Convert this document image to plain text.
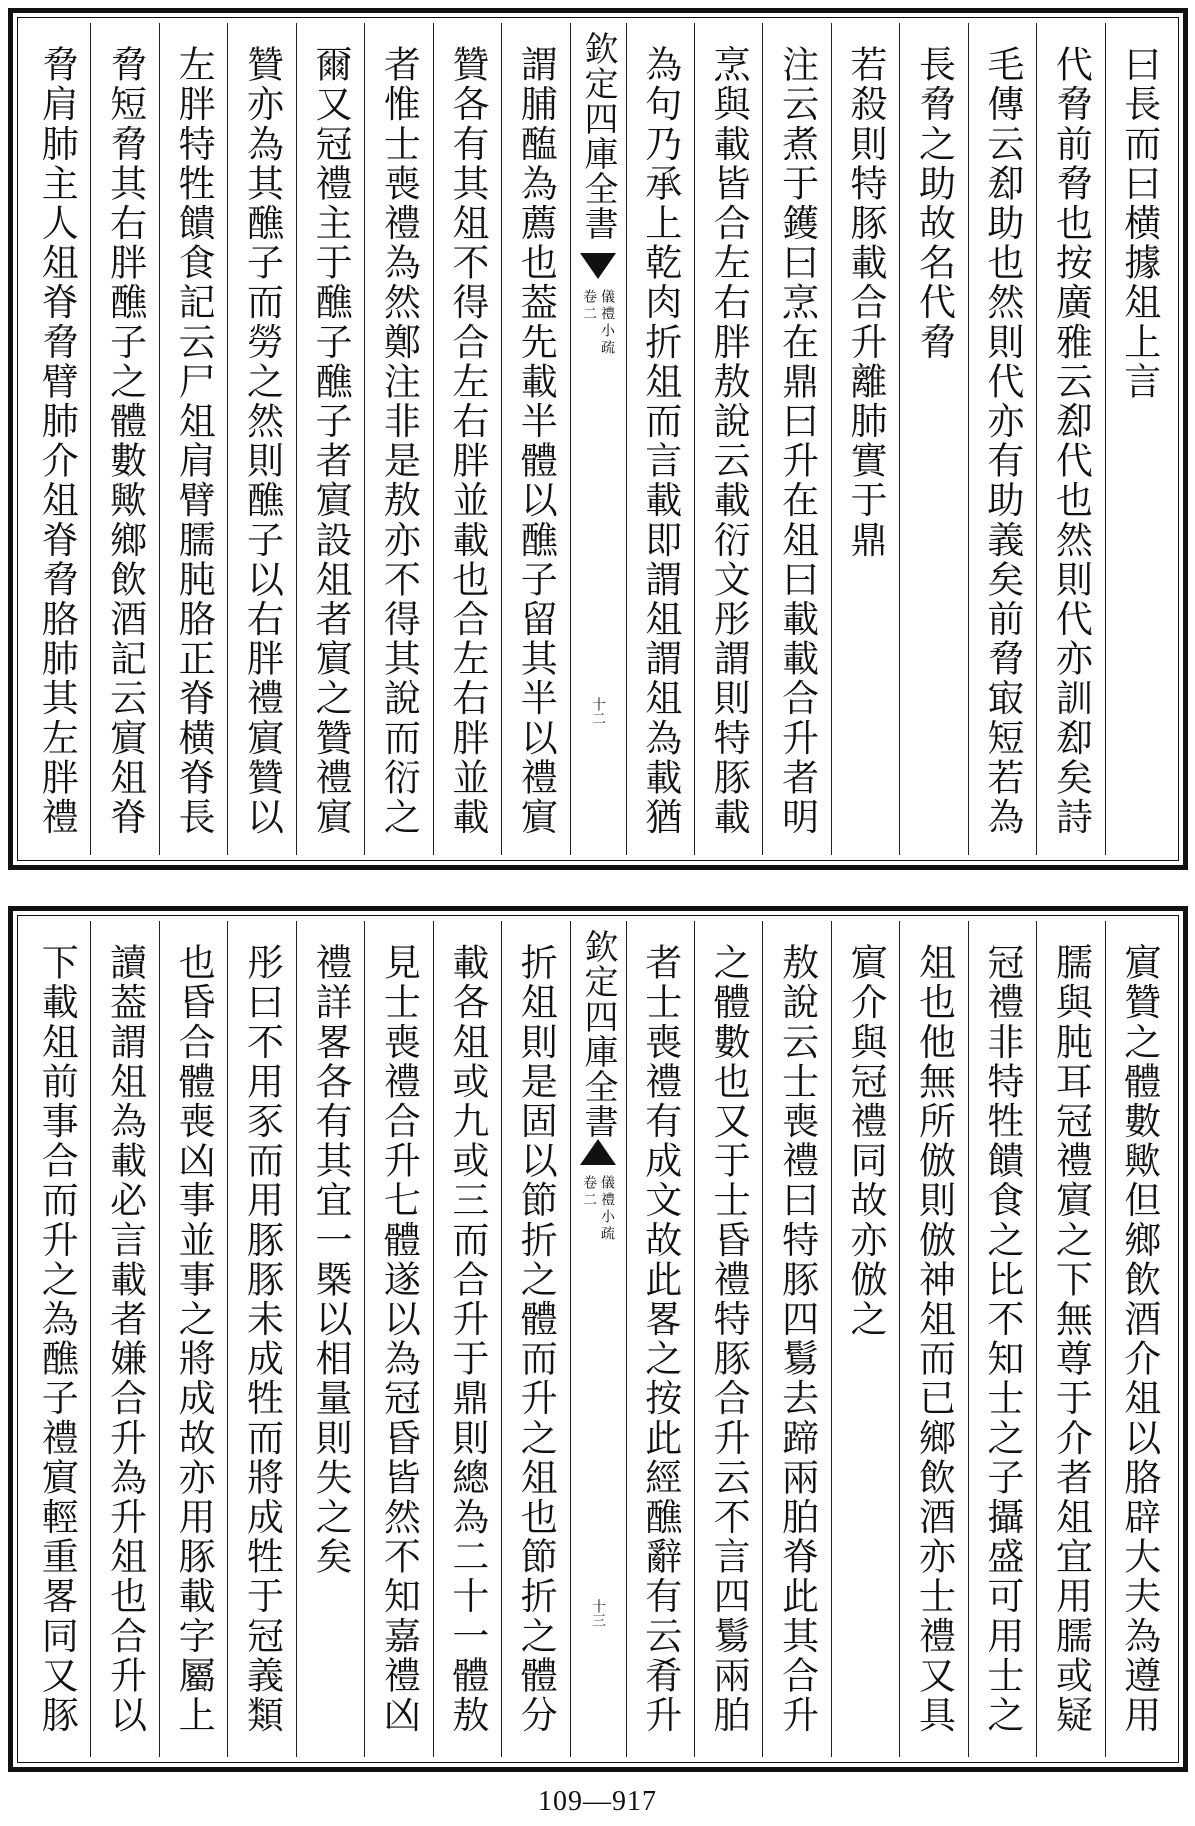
曰長而曰横據俎上言
代脅前脅也按廣雅云㕁代也然則代亦訓㕁矣詩
毛傳云㕁助也然則代亦有助義矣前脅㝡短若為
長脅之助故名代脅
若殺則特豚載合升離肺實于鼎
注云煮于鑊曰烹在鼎曰升在俎曰載載合升者明
烹與載皆合左右胖敖說云載衍文彤謂則特豚載
為句乃承上乾肉折俎而言載即謂俎謂俎為載猶
欽定四庫全書
儀禮小疏
卷二
十二
謂脯醢為薦也葢先載半體以醮子留其半以禮賔
贊各有其俎不得合左右胖並載也合左右胖並載
者惟士喪禮為然鄭注非是敖亦不得其說而衍之
爾又冠禮主于醮子醮子者賔設俎者賔之贊禮賔
贊亦為其醮子而勞之然則醮子以右胖禮賔贊以
左胖特牲饋食記云尸俎肩臂臑肫胳正脊横脊長
脅短脅其右胖醮子之體數歟鄉飲酒記云賔俎脊
脅肩肺主人俎脊脅臂肺介俎脊脅胳肺其左胖禮
賔贊之體數歟但鄉飲酒介俎以胳辟大夫為遵用
臑與肫耳冠禮賔之下無尊于介者俎宜用臑或疑
冠禮非特牲饋食之比不知士之子攝盛可用士之
俎也他無所倣則倣神俎而已鄉飲酒亦士禮又具
賔介與冠禮同故亦倣之
敖說云士喪禮曰特豚四鬄去蹄兩胉脊此其合升
之體數也又于士昏禮特豚合升云不言四鬄兩胉
者士喪禮有成文故此畧之按此經醮辭有云肴升
欽定四庫全書
儀禮小疏
卷二
十三
折俎則是固以節折之體而升之俎也節折之體分
載各俎或九或三而合升于鼎則總為二十一體敖
見士喪禮合升七體遂以為冠昏皆然不知嘉禮凶
禮詳畧各有其宜一槩以相量則失之矣
彤曰不用豕而用豚豚未成牲而將成牲于冠義類
也昏合體喪凶事並事之將成故亦用豚載字屬上
讀葢謂俎為載必言載者嫌合升為升俎也合升以
下載俎前事合而升之為醮子禮賔輕重畧同又豚
109—917
